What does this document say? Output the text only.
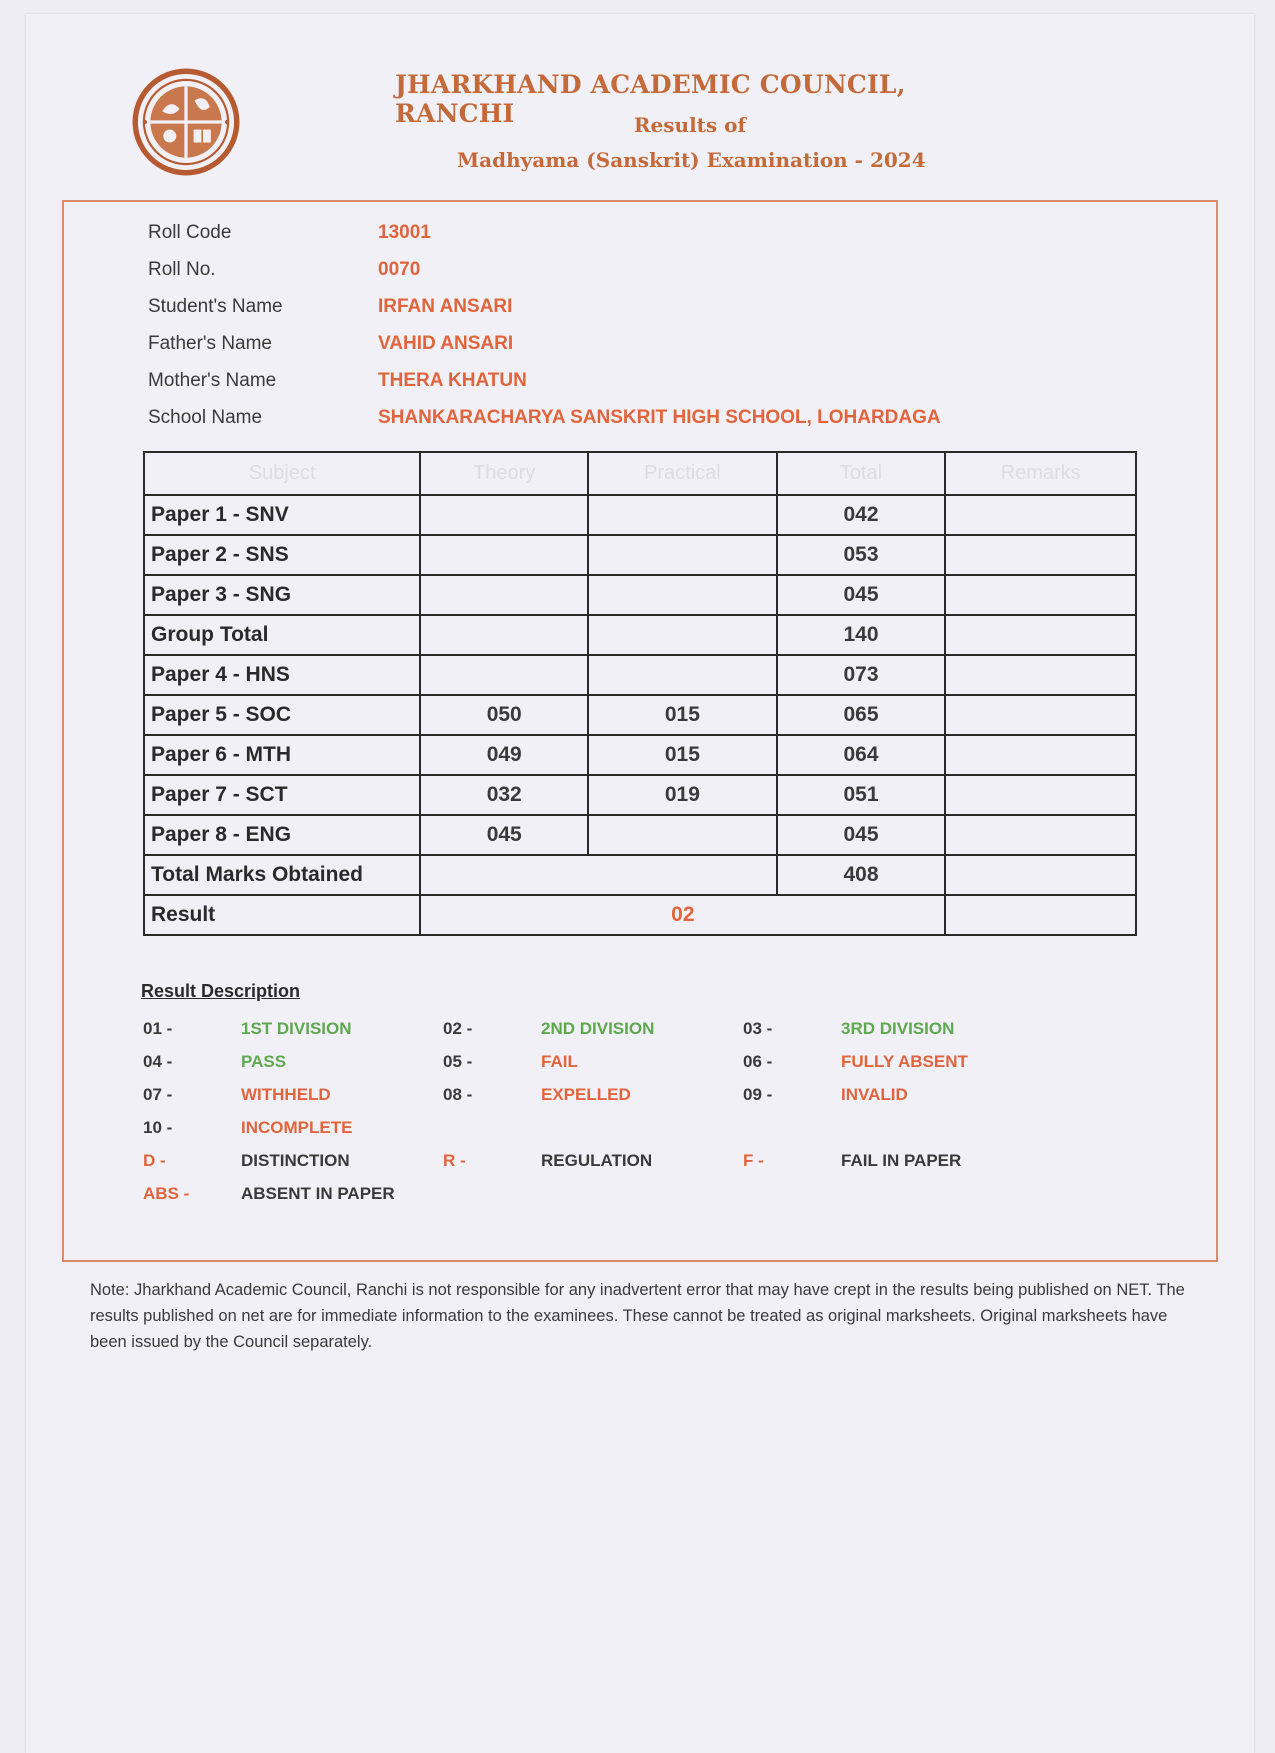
JHARKHAND ACADEMIC COUNCIL, RANCHI	Results of
Madhyama (Sanskrit) Examination - 2024
Roll Code	13001
Roll No.	0070
Student's Name	IRFAN ANSARI
Father's Name	VAHID ANSARI
Mother's Name	THERA KHATUN
School Name	SHANKARACHARYA SANSKRIT HIGH SCHOOL, LOHARDAGA
Subject	Theory	Practical	Total	Remarks
Paper 1 - SNV			042	
Paper 2 - SNS			053	
Paper 3 - SNG			045	
Group Total			140	
Paper 4 - HNS			073	
Paper 5 - SOC	050	015	065	
Paper 6 - MTH	049	015	064	
Paper 7 - SCT	032	019	051	
Paper 8 - ENG	045		045	
Total Marks Obtained			408	
Result	02			
Result Description
01 -	1ST DIVISION	02 -	2ND DIVISION	03 -	3RD DIVISION
04 -	PASS	05 -	FAIL	06 -	FULLY ABSENT
07 -	WITHHELD	08 -	EXPELLED	09 -	INVALID
10 -	INCOMPLETE
D -	DISTINCTION	R -	REGULATION	F -	FAIL IN PAPER
ABS -	ABSENT IN PAPER

Note: Jharkhand Academic Council, Ranchi is not responsible for any inadvertent error that may have crept in the results being published on NET. The results published on net are for immediate information to the examinees. These cannot be treated as original marksheets. Original marksheets have been issued by the Council separately.
